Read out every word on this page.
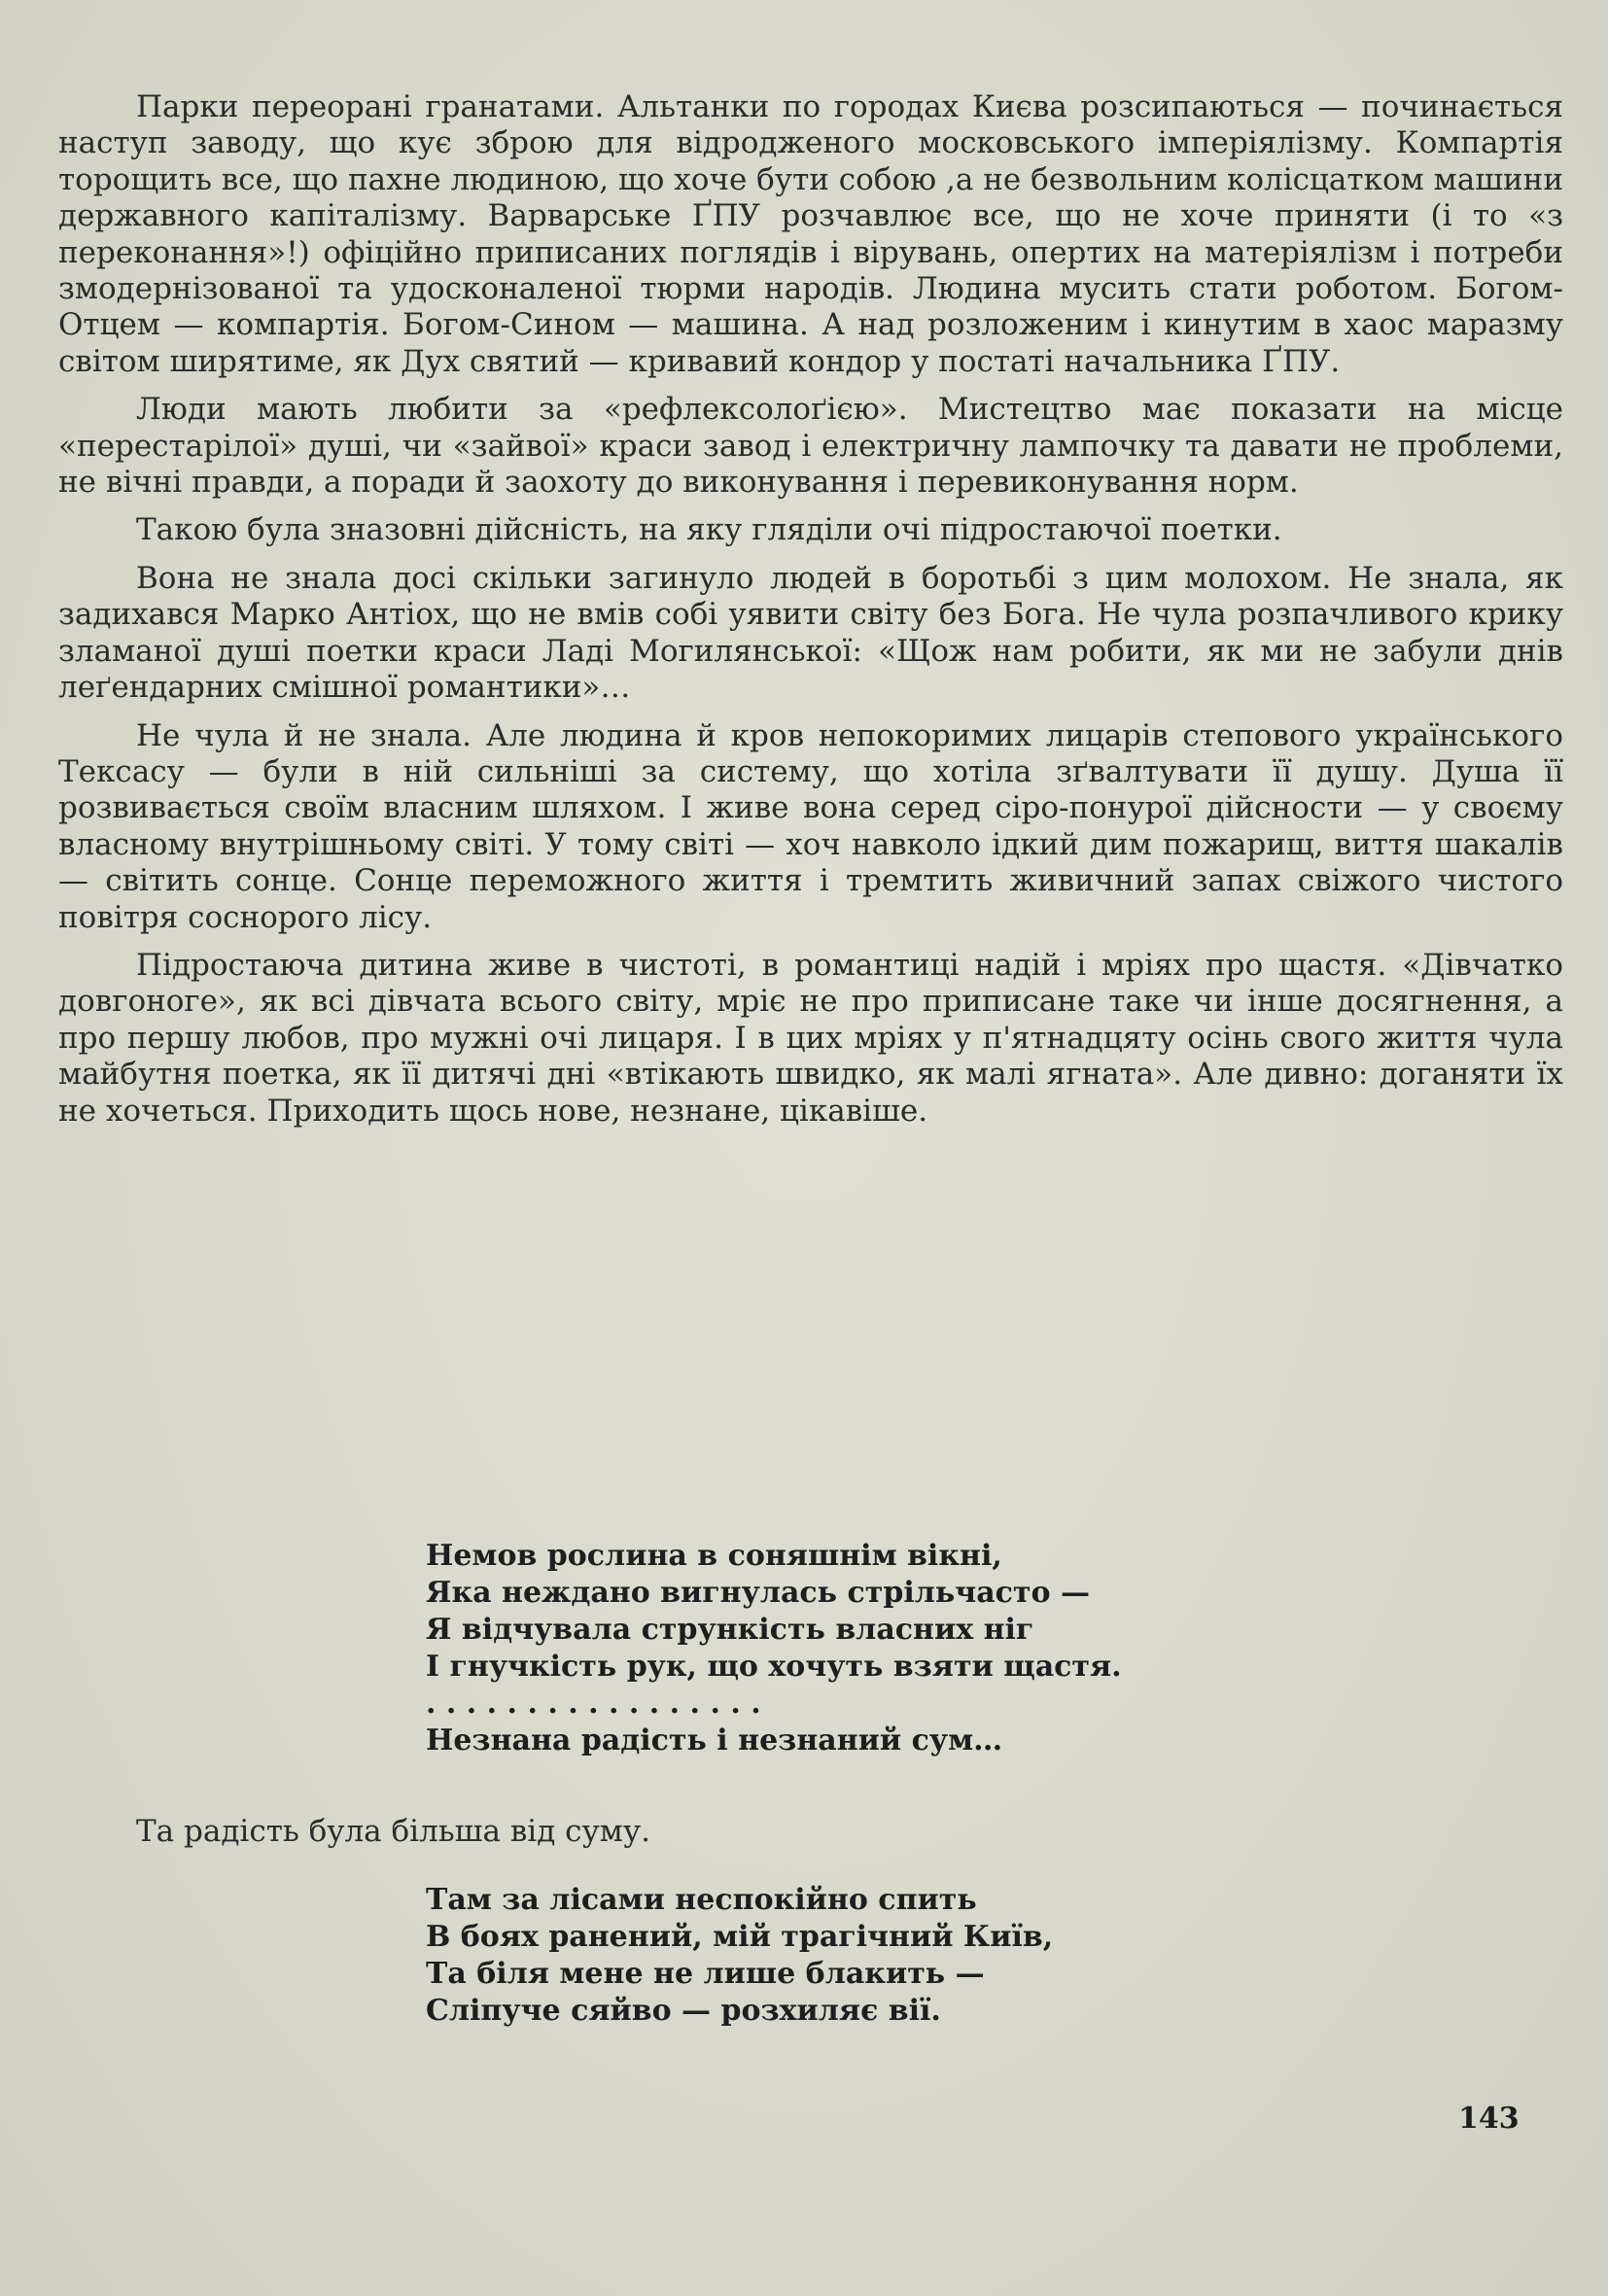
Парки переорані гранатами. Альтанки по городах Києва розсипаються — починається наступ заводу, що кує зброю для відродженого московського імперіялізму. Компартія торощить все, що пахне людиною, що хоче бути собою ,а не безвольним колісцатком машини державного капіталізму. Варварське ҐПУ розчавлює все, що не хоче приняти (і то «з переконання»!) офіційно приписаних поглядів і вірувань, опертих на матеріялізм і потреби змодернізованої та удосконаленої тюрми народів. Людина мусить стати роботом. Богом-Отцем — компартія. Богом-Сином — машина. А над розложеним і кинутим в хаос маразму світом ширятиме, як Дух святий — кривавий кондор у постаті начальника ҐПУ.

Люди мають любити за «рефлексолоґією». Мистецтво має показати на місце «перестарілої» душі, чи «зайвої» краси завод і електричну лампочку та давати не проблеми, не вічні правди, а поради й заохоту до виконування і перевиконування норм.

Такою була зназовні дійсність, на яку гляділи очі підростаючої поетки.

Вона не знала досі скільки загинуло людей в боротьбі з цим молохом. Не знала, як задихався Марко Антіох, що не вмів собі уявити світу без Бога. Не чула розпачливого крику зламаної душі поетки краси Ладі Могилянської: «Щож нам робити, як ми не забули днів леґендарних смішної романтики»…

Не чула й не знала. Але людина й кров непокоримих лицарів степового українського Тексасу — були в ній сильніші за систему, що хотіла зґвалтувати її душу. Душа її розвивається своїм власним шляхом. І живе вона серед сіро-понурої дійсности — у своєму власному внутрішньому світі. У тому світі — хоч навколо ідкий дим пожарищ, виття шакалів — світить сонце. Сонце переможного життя і тремтить живичний запах свіжого чистого повітря соснорого лісу.

Підростаюча дитина живе в чистоті, в романтиці надій і мріях про щастя. «Дівчатко довгоноге», як всі дівчата всього світу, мріє не про приписане таке чи інше досягнення, а про першу любов, про мужні очі лицаря. І в цих мріях у п'ятнадцяту осінь свого життя чула майбутня поетка, як її дитячі дні «втікають швидко, як малі ягната». Але дивно: доганяти їх не хочеться. Приходить щось нове, незнане, цікавіше.

Немов рослина в соняшнім вікні,
Яка неждано вигнулась стрільчасто —
Я відчувала стрункість власних ніг
І гнучкість рук, що хочуть взяти щастя.
. . . . . . . . . . . . . . . . .
Незнана радість і незнаний сум…
Та радість була більша від суму.
Там за лісами неспокійно спить
В боях ранений, мій трагічний Київ,
Та біля мене не лише блакить —
Сліпуче сяйво — розхиляє вії.
143
